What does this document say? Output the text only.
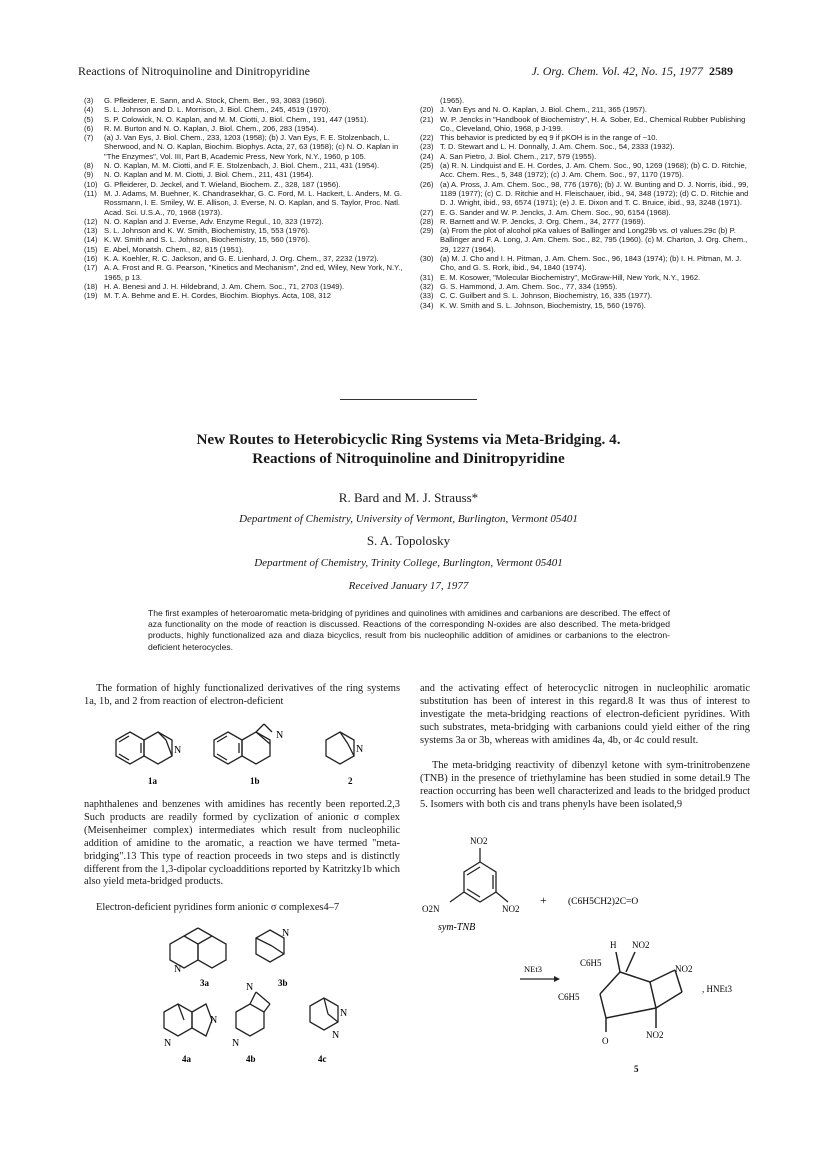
Reactions of Nitroquinoline and Dinitropyridine	J. Org. Chem. Vol. 42, No. 15, 1977 2589
(3)	G. Pfleiderer, E. Sann, and A. Stock, Chem. Ber., 93, 3083 (1960).
(4)	S. L. Johnson and D. L. Morrison, J. Biol. Chem., 245, 4519 (1970).
(5)	S. P. Colowick, N. O. Kaplan, and M. M. Ciotti, J. Biol. Chem., 191, 447 (1951).
(6)	R. M. Burton and N. O. Kaplan, J. Biol. Chem., 206, 283 (1954).
(7)	(a) J. Van Eys, J. Biol. Chem., 233, 1203 (1958); (b) J. Van Eys, F. E. Stolzenbach, L. Sherwood, and N. O. Kaplan, Biochim. Biophys. Acta, 27, 63 (1958); (c) N. O. Kaplan in "The Enzymes", Vol. III, Part B, Academic Press, New York, N.Y., 1960, p 105.
(8)	N. O. Kaplan, M. M. Ciotti, and F. E. Stolzenbach, J. Biol. Chem., 211, 431 (1954).
(9)	N. O. Kaplan and M. M. Ciotti, J. Biol. Chem., 211, 431 (1954).
(10) G. Pfleiderer, D. Jeckel, and T. Wieland, Biochem. Z., 328, 187 (1956).
(11) M. J. Adams, M. Buehner, K. Chandrasekhar, G. C. Ford, M. L. Hackert, L. Anders, M. G. Rossmann, I. E. Smiley, W. E. Allison, J. Everse, N. O. Kaplan, and S. Taylor, Proc. Natl. Acad. Sci. U.S.A., 70, 1968 (1973).
(12) N. O. Kaplan and J. Everse, Adv. Enzyme Regul., 10, 323 (1972).
(13) S. L. Johnson and K. W. Smith, Biochemistry, 15, 553 (1976).
(14) K. W. Smith and S. L. Johnson, Biochemistry, 15, 560 (1976).
(15) E. Abel, Monatsh. Chem., 82, 815 (1951).
(16) K. A. Koehler, R. C. Jackson, and G. E. Lienhard, J. Org. Chem., 37, 2232 (1972).
(17) A. A. Frost and R. G. Pearson, "Kinetics and Mechanism", 2nd ed, Wiley, New York, N.Y., 1965, p 13.
(18) H. A. Benesi and J. H. Hildebrand, J. Am. Chem. Soc., 71, 2703 (1949).
(19) M. T. A. Behme and E. H. Cordes, Biochim. Biophys. Acta, 108, 312
(1965).
(20) J. Van Eys and N. O. Kaplan, J. Biol. Chem., 211, 365 (1957).
(21) W. P. Jencks in "Handbook of Biochemistry", H. A. Sober, Ed., Chemical Rubber Publishing Co., Cleveland, Ohio, 1968, p J-199.
(22) This behavior is predicted by eq 9 if pKOH is in the range of ~10.
(23) T. D. Stewart and L. H. Donnally, J. Am. Chem. Soc., 54, 2333 (1932).
(24) A. San Pietro, J. Biol. Chem., 217, 579 (1955).
(25) (a) R. N. Lindquist and E. H. Cordes, J. Am. Chem. Soc., 90, 1269 (1968); (b) C. D. Ritchie, Acc. Chem. Res., 5, 348 (1972); (c) J. Am. Chem. Soc., 97, 1170 (1975).
(26) (a) A. Pross, J. Am. Chem. Soc., 98, 776 (1976); (b) J. W. Bunting and D. J. Norris, ibid., 99, 1189 (1977); (c) C. D. Ritchie and H. Fleischauer, ibid., 94, 348 (1972); (d) C. D. Ritchie and D. J. Wright, ibid., 93, 6574 (1971); (e) J. E. Dixon and T. C. Bruice, ibid., 93, 3248 (1971).
(27) E. G. Sander and W. P. Jencks, J. Am. Chem. Soc., 90, 6154 (1968).
(28) R. Barnett and W. P. Jencks, J. Org. Chem., 34, 2777 (1969).
(29) (a) From the plot of alcohol pKa values of Ballinger and Long29b vs. σI values.29c (b) P. Ballinger and F. A. Long, J. Am. Chem. Soc., 82, 795 (1960). (c) M. Charton, J. Org. Chem., 29, 1227 (1964).
(30) (a) M. J. Cho and I. H. Pitman, J. Am. Chem. Soc., 96, 1843 (1974); (b) I. H. Pitman, M. J. Cho, and G. S. Rork, ibid., 94, 1840 (1974).
(31) E. M. Kosower, "Molecular Biochemistry", McGraw-Hill, New York, N.Y., 1962.
(32) G. S. Hammond, J. Am. Chem. Soc., 77, 334 (1955).
(33) C. C. Guilbert and S. L. Johnson, Biochemistry, 16, 335 (1977).
(34) K. W. Smith and S. L. Johnson, Biochemistry, 15, 560 (1976).
New Routes to Heterobicyclic Ring Systems via Meta-Bridging. 4.
Reactions of Nitroquinoline and Dinitropyridine
R. Bard and M. J. Strauss*
Department of Chemistry, University of Vermont, Burlington, Vermont 05401
S. A. Topolosky
Department of Chemistry, Trinity College, Burlington, Vermont 05401
Received January 17, 1977
The first examples of heteroaromatic meta-bridging of pyridines and quinolines with amidines and carbanions are described. The effect of aza functionality on the mode of reaction is discussed. Reactions of the corresponding N-oxides are also described. The meta-bridged products, highly functionalized aza and diaza bicyclics, result from bis nucleophilic addition of amidines or carbanions to the electron-deficient heterocycles.
The formation of highly functionalized derivatives of the ring systems 1a, 1b, and 2 from reaction of electron-deficient
N
1a
N
1b
N
2
naphthalenes and benzenes with amidines has recently been reported.2,3 Such products are readily formed by cyclization of anionic σ complex (Meisenheimer complex) intermediates which result from nucleophilic addition of amidine to the aromatic, a reaction we have termed "meta-bridging".13 This type of reaction proceeds in two steps and is distinctly different from the 1,3-dipolar cycloadditions reported by Katritzky1b which also yield meta-bridged products.
Electron-deficient pyridines form anionic σ complexes4–7
N
3a
N
3b
N
N
4a
N
N
4b
N
N
4c
and the activating effect of heterocyclic nitrogen in nucleophilic aromatic substitution has been of interest in this regard.8 It was thus of interest to investigate the meta-bridging reactions of electron-deficient pyridines. With such substrates, meta-bridging with carbanions could yield either of the ring systems 3a or 3b, whereas with amidines 4a, 4b, or 4c could result.
The meta-bridging reactivity of dibenzyl ketone with sym-trinitrobenzene (TNB) in the presence of triethylamine has been studied in some detail.9 The reaction occurring has been well characterized and leads to the bridged product 5. Isomers with both cis and trans phenyls have been isolated,9
NO2
O2N	NO2
sym-TNB
+ (C6H5CH2)2C=O
NEt3
H NO2
C6H5
NO2
C6H5
, HNEt3
NO2
O
5
